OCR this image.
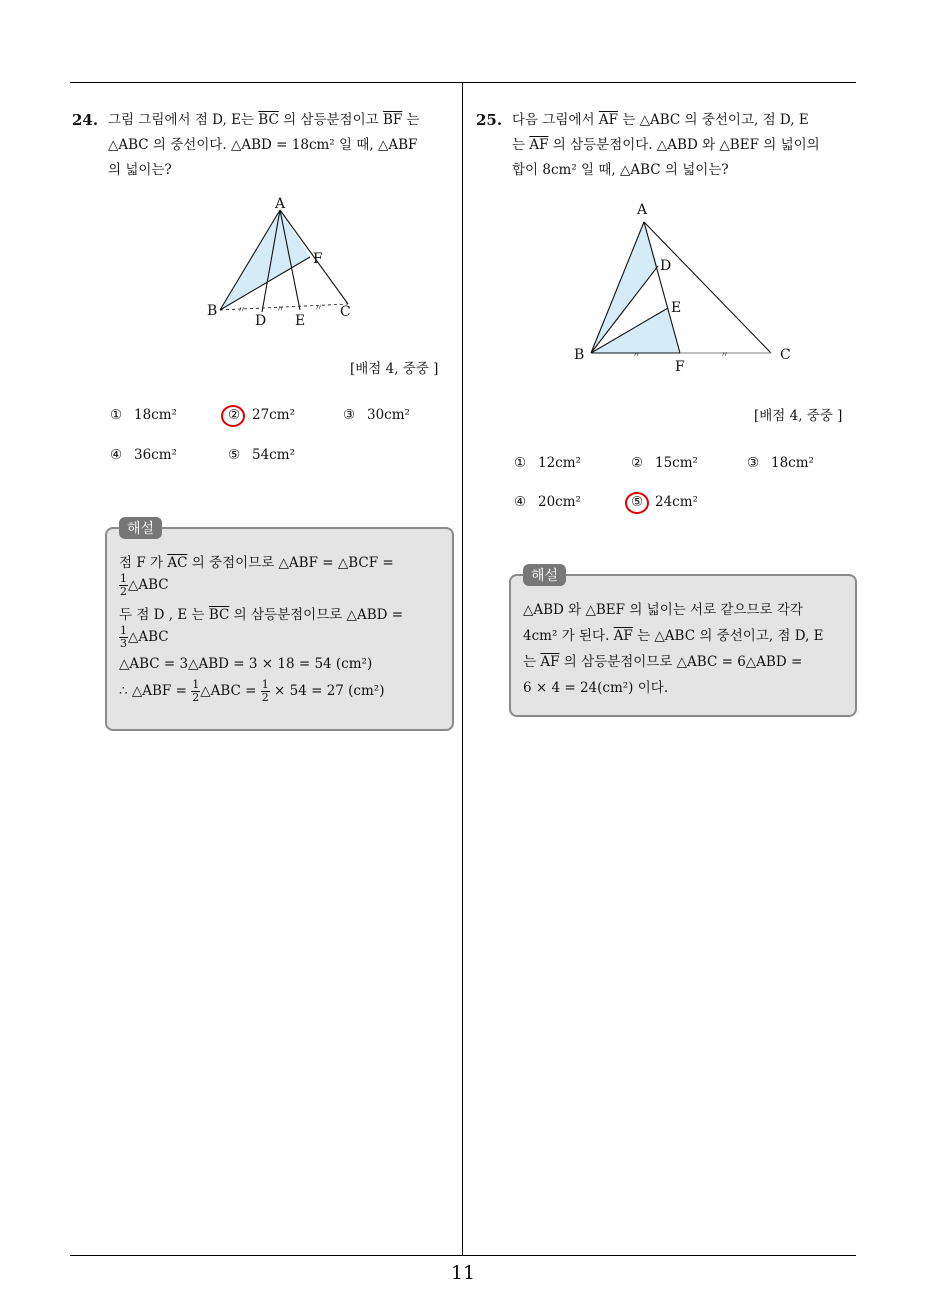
24. 그림 그림에서 점 D, E는 $\overline{BC}$ 의 삼등분점이고 $\overline{BF}$ 는
△ABC 의 중선이다. △ABD = 18cm² 일 때, △ABF
의 넓이는?
〃	〃	〃
A
B	C
D E
F
[배점 4, 중중 ]
① 18cm²	② 27cm²	③ 30cm²
④ 36cm²	⑤ 54cm²
해설
점 F 가 $\overline{AC}$ 의 중점이므로 △ABF = △BCF =
$\frac{1}{2}$ △ABC
두 점 D , E 는 $\overline{BC}$ 의 삼등분점이므로 △ABD =
$\frac{1}{3}$ △ABC
△ABC = 3△ABD = 3 × 18 = 54 (cm²)
∴ △ABF = $\frac{1}{2}$ △ABC = $\frac{1}{2} \times 54 = 27$ (cm²)
25. 다음 그림에서 $\overline{AF}$ 는 △ABC 의 중선이고, 점 D, E
는 $\overline{AF}$ 의 삼등분점이다. △ABD 와 △BEF 의 넓이의
합이 8cm² 일 때, △ABC 의 넓이는?
〃	〃
A
B	C
D
E
F
[배점 4, 중중 ]
① 12cm²	② 15cm²	③ 18cm²
④ 20cm²	⑤ 24cm²
해설
△ABD 와 △BEF 의 넓이는 서로 같으므로 각각
4cm² 가 된다. $\overline{AF}$ 는 △ABC 의 중선이고, 점 D, E
는 $\overline{AF}$ 의 삼등분점이므로 △ABC = 6△ABD =
6 × 4 = 24(cm²) 이다.
11
